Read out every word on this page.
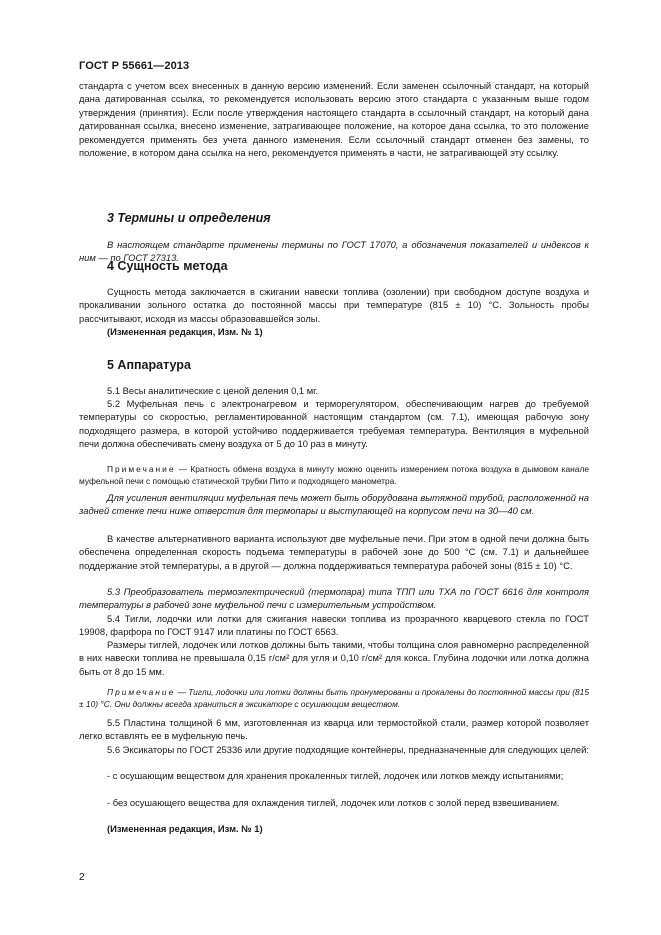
ГОСТ Р 55661—2013
стандарта с учетом всех внесенных в данную версию изменений. Если заменен ссылочный стандарт, на который дана датированная ссылка, то рекомендуется использовать версию этого стандарта с указанным выше годом утверждения (принятия). Если после утверждения настоящего стандарта в ссылочный стандарт, на который дана датированная ссылка, внесено изменение, затрагивающее положение, на которое дана ссылка, то это положение рекомендуется применять без учета данного изменения. Если ссылочный стандарт отменен без замены, то положение, в котором дана ссылка на него, рекомендуется применять в части, не затрагивающей эту ссылку.
3 Термины и определения
В настоящем стандарте применены термины по ГОСТ 17070, а обозначения показателей и индексов к ним — по ГОСТ 27313.
4 Сущность метода
Сущность метода заключается в сжигании навески топлива (озолении) при свободном доступе воздуха и прокаливании зольного остатка до постоянной массы при температуре (815 ± 10) °С. Зольность пробы рассчитывают, исходя из массы образовавшейся золы.
(Измененная редакция, Изм. № 1)
5 Аппаратура
5.1 Весы аналитические с ценой деления 0,1 мг.
5.2 Муфельная печь с электронагревом и терморегулятором, обеспечивающим нагрев до требуемой температуры со скоростью, регламентированной настоящим стандартом (см. 7.1), имеющая рабочую зону подходящего размера, в которой устойчиво поддерживается требуемая температура. Вентиляция в муфельной печи должна обеспечивать смену воздуха от 5 до 10 раз в минуту.
Примечание — Кратность обмена воздуха в минуту можно оценить измерением потока воздуха в дымовом канале муфельной печи с помощью статической трубки Пито и подходящего манометра.
Для усиления вентиляции муфельная печь может быть оборудована вытяжной трубой, расположенной на задней стенке печи ниже отверстия для термопары и выступающей на корпусом печи на 30—40 см.
В качестве альтернативного варианта используют две муфельные печи. При этом в одной печи должна быть обеспечена определенная скорость подъема температуры в рабочей зоне до 500 °С (см. 7.1) и дальнейшее поддержание этой температуры, а в другой — должна поддерживаться температура рабочей зоны (815 ± 10) °С.
5.3 Преобразователь термоэлектрический (термопара) типа ТПП или ТХА по ГОСТ 6616 для контроля температуры в рабочей зоне муфельной печи с измерительным устройством.
5.4 Тигли, лодочки или лотки для сжигания навески топлива из прозрачного кварцевого стекла по ГОСТ 19908, фарфора по ГОСТ 9147 или платины по ГОСТ 6563.
Размеры тиглей, лодочек или лотков должны быть такими, чтобы толщина слоя равномерно распределенной в них навески топлива не превышала 0,15 г/см² для угля и 0,10 г/см² для кокса. Глубина лодочки или лотка должна быть от 8 до 15 мм.
Примечание — Тигли, лодочки или лотки должны быть пронумерованы и прокалены до постоянной массы при (815 ± 10) °С. Они должны всегда храниться в эксикаторе с осушающим веществом.
5.5 Пластина толщиной 6 мм, изготовленная из кварца или термостойкой стали, размер которой позволяет легко вставлять ее в муфельную печь.
5.6 Эксикаторы по ГОСТ 25336 или другие подходящие контейнеры, предназначенные для следующих целей:
- с осушающим веществом для хранения прокаленных тиглей, лодочек или лотков между испытаниями;
- без осушающего вещества для охлаждения тиглей, лодочек или лотков с золой перед взвешиванием.
(Измененная редакция, Изм. № 1)
2
